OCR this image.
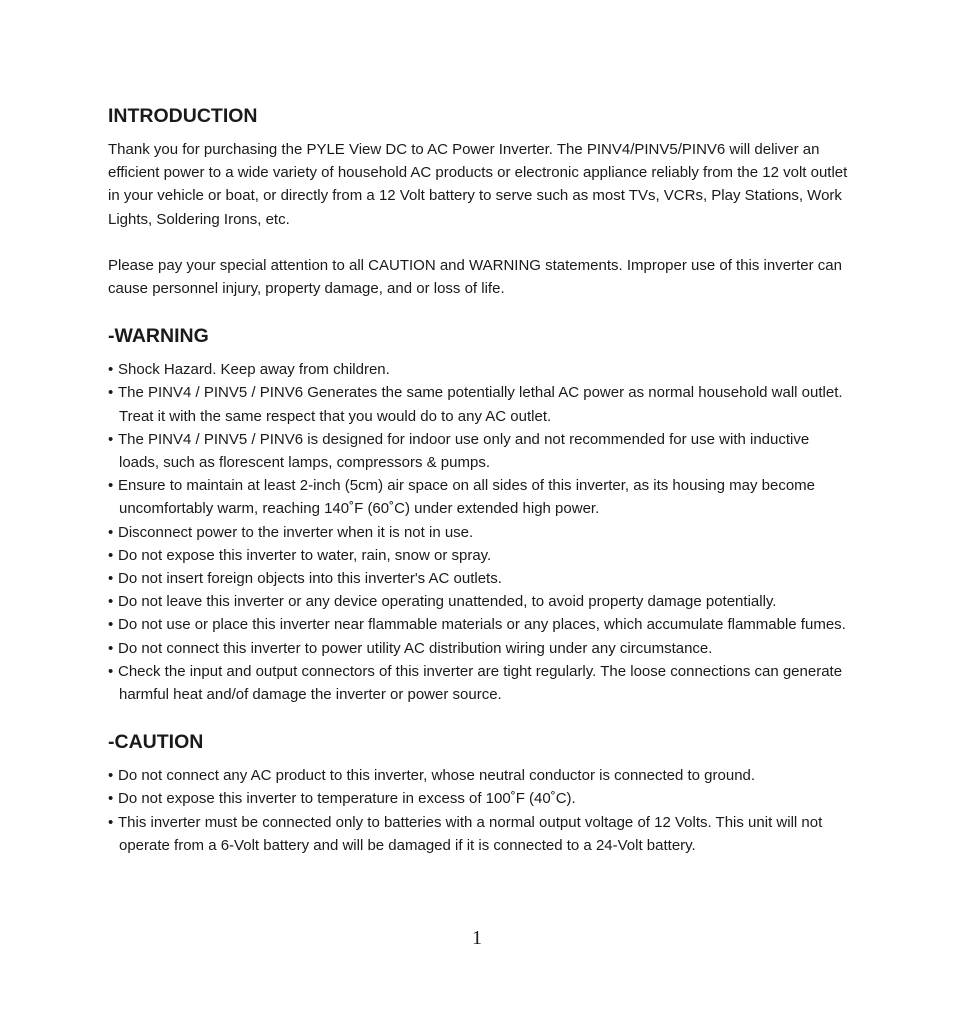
INTRODUCTION

Thank you for purchasing the PYLE View DC to AC Power Inverter. The PINV4/PINV5/PINV6 will deliver an efficient power to a wide variety of household AC products or electronic appliance reliably from the 12 volt outlet in your vehicle or boat, or directly from a 12 Volt battery to serve such as most TVs, VCRs, Play Stations, Work Lights, Soldering Irons, etc.

Please pay your special attention to all CAUTION and WARNING statements. Improper use of this inverter can cause personnel injury, property damage, and or loss of life.

-WARNING
• Shock Hazard. Keep away from children.
• The PINV4 / PINV5 / PINV6 Generates the same potentially lethal AC power as normal household wall outlet. Treat it with the same respect that you would do to any AC outlet.
• The PINV4 / PINV5 / PINV6 is designed for indoor use only and not recommended for use with inductive loads, such as florescent lamps, compressors & pumps.
• Ensure to maintain at least 2-inch (5cm) air space on all sides of this inverter, as its housing may become uncomfortably warm, reaching 140˚F (60˚C) under extended high power.
• Disconnect power to the inverter when it is not in use.
• Do not expose this inverter to water, rain, snow or spray.
• Do not insert foreign objects into this inverter's AC outlets.
• Do not leave this inverter or any device operating unattended, to avoid property damage potentially.
• Do not use or place this inverter near flammable materials or any places, which accumulate flammable fumes.
• Do not connect this inverter to power utility AC distribution wiring under any circumstance.
• Check the input and output connectors of this inverter are tight regularly. The loose connections can generate harmful heat and/of damage the inverter or power source.
-CAUTION
• Do not connect any AC product to this inverter, whose neutral conductor is connected to ground.
• Do not expose this inverter to temperature in excess of 100˚F (40˚C).
• This inverter must be connected only to batteries with a normal output voltage of 12 Volts. This unit will not operate from a 6-Volt battery and will be damaged if it is connected to a 24-Volt battery.
1
